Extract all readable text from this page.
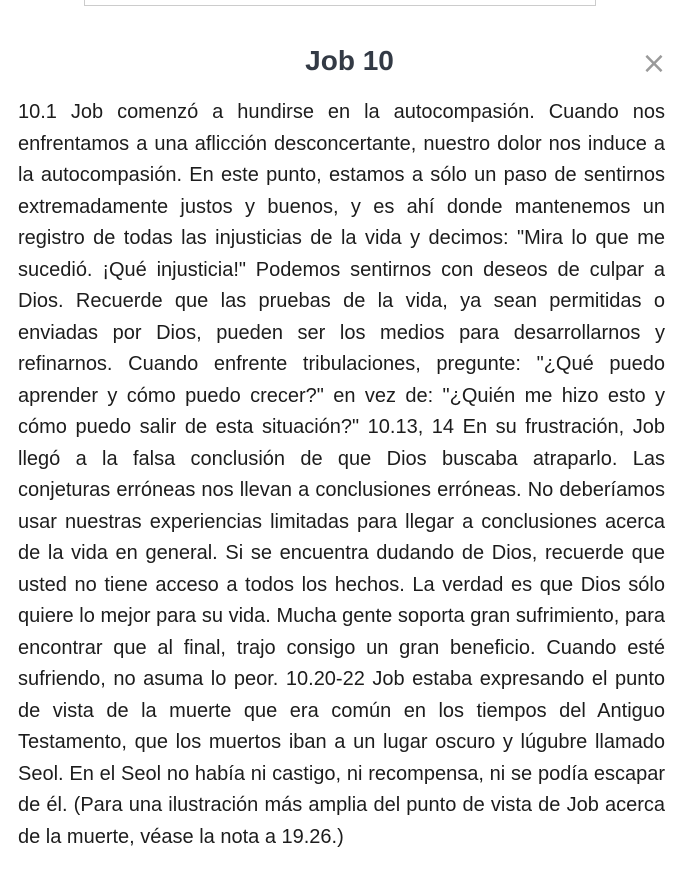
Job 10	×

10.1 Job comenzó a hundirse en la autocompasión. Cuando nos enfrentamos a una aflicción desconcertante, nuestro dolor nos induce a la autocompasión. En este punto, estamos a sólo un paso de sentirnos extremadamente justos y buenos, y es ahí donde mantenemos un registro de todas las injusticias de la vida y decimos: "Mira lo que me sucedió. ¡Qué injusticia!" Podemos sentirnos con deseos de culpar a Dios. Recuerde que las pruebas de la vida, ya sean permitidas o enviadas por Dios, pueden ser los medios para desarrollarnos y refinarnos. Cuando enfrente tribulaciones, pregunte: "¿Qué puedo aprender y cómo puedo crecer?" en vez de: "¿Quién me hizo esto y cómo puedo salir de esta situación?" 10.13, 14 En su frustración, Job llegó a la falsa conclusión de que Dios buscaba atraparlo. Las conjeturas erróneas nos llevan a conclusiones erróneas. No deberíamos usar nuestras experiencias limitadas para llegar a conclusiones acerca de la vida en general. Si se encuentra dudando de Dios, recuerde que usted no tiene acceso a todos los hechos. La verdad es que Dios sólo quiere lo mejor para su vida. Mucha gente soporta gran sufrimiento, para encontrar que al final, trajo consigo un gran beneficio. Cuando esté sufriendo, no asuma lo peor. 10.20-22 Job estaba expresando el punto de vista de la muerte que era común en los tiempos del Antiguo Testamento, que los muertos iban a un lugar oscuro y lúgubre llamado Seol. En el Seol no había ni castigo, ni recompensa, ni se podía escapar de él. (Para una ilustración más amplia del punto de vista de Job acerca de la muerte, véase la nota a 19.26.)
